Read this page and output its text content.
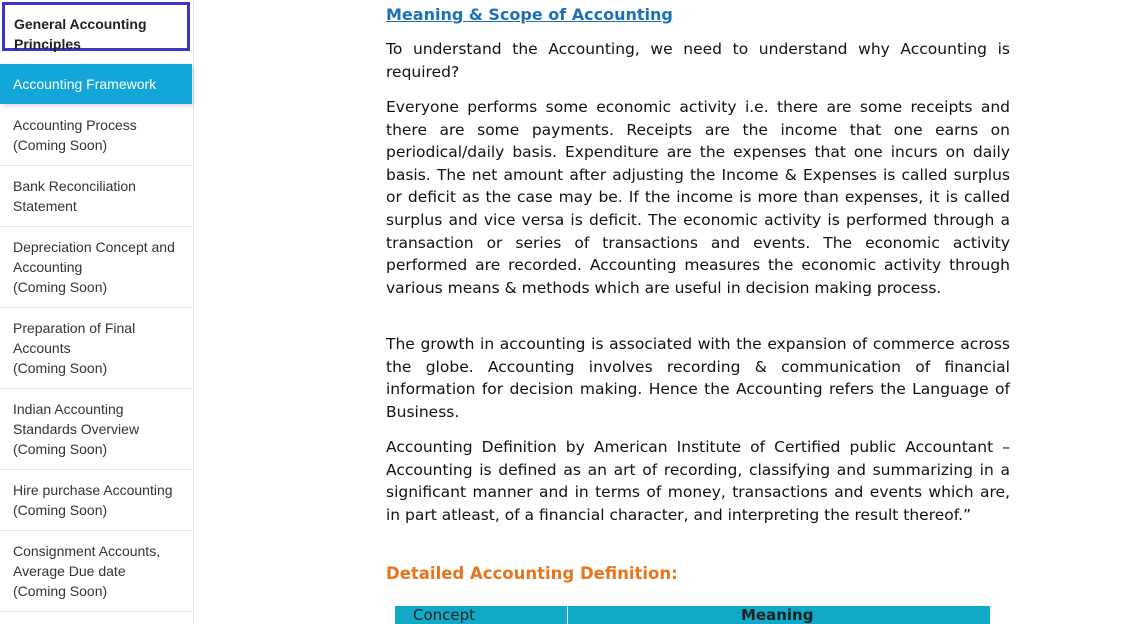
General Accounting Principles
Accounting Framework
Accounting Process
(Coming Soon)
Bank Reconciliation
Statement
Depreciation Concept and
Accounting
(Coming Soon)
Preparation of Final
Accounts
(Coming Soon)
Indian Accounting
Standards Overview
(Coming Soon)
Hire purchase Accounting
(Coming Soon)
Consignment Accounts,
Average Due date
(Coming Soon)
Meaning & Scope of Accounting

To understand the Accounting, we need to understand why Accounting is required?

Everyone performs some economic activity i.e. there are some receipts and there are some payments. Receipts are the income that one earns on periodical/daily basis. Expenditure are the expenses that one incurs on daily basis. The net amount after adjusting the Income & Expenses is called surplus or deficit as the case may be. If the income is more than expenses, it is called surplus and vice versa is deficit. The economic activity is performed through a transaction or series of transactions and events. The economic activity performed are recorded. Accounting measures the economic activity through various means & methods which are useful in decision making process.

The growth in accounting is associated with the expansion of commerce across the globe. Accounting involves recording & communication of financial information for decision making. Hence the Accounting refers the Language of Business.

Accounting Definition by American Institute of Certified public Accountant – Accounting is defined as an art of recording, classifying and summarizing in a significant manner and in terms of money, transactions and events which are, in part atleast, of a financial character, and interpreting the result thereof.”

Detailed Accounting Definition:
Concept	Meaning
